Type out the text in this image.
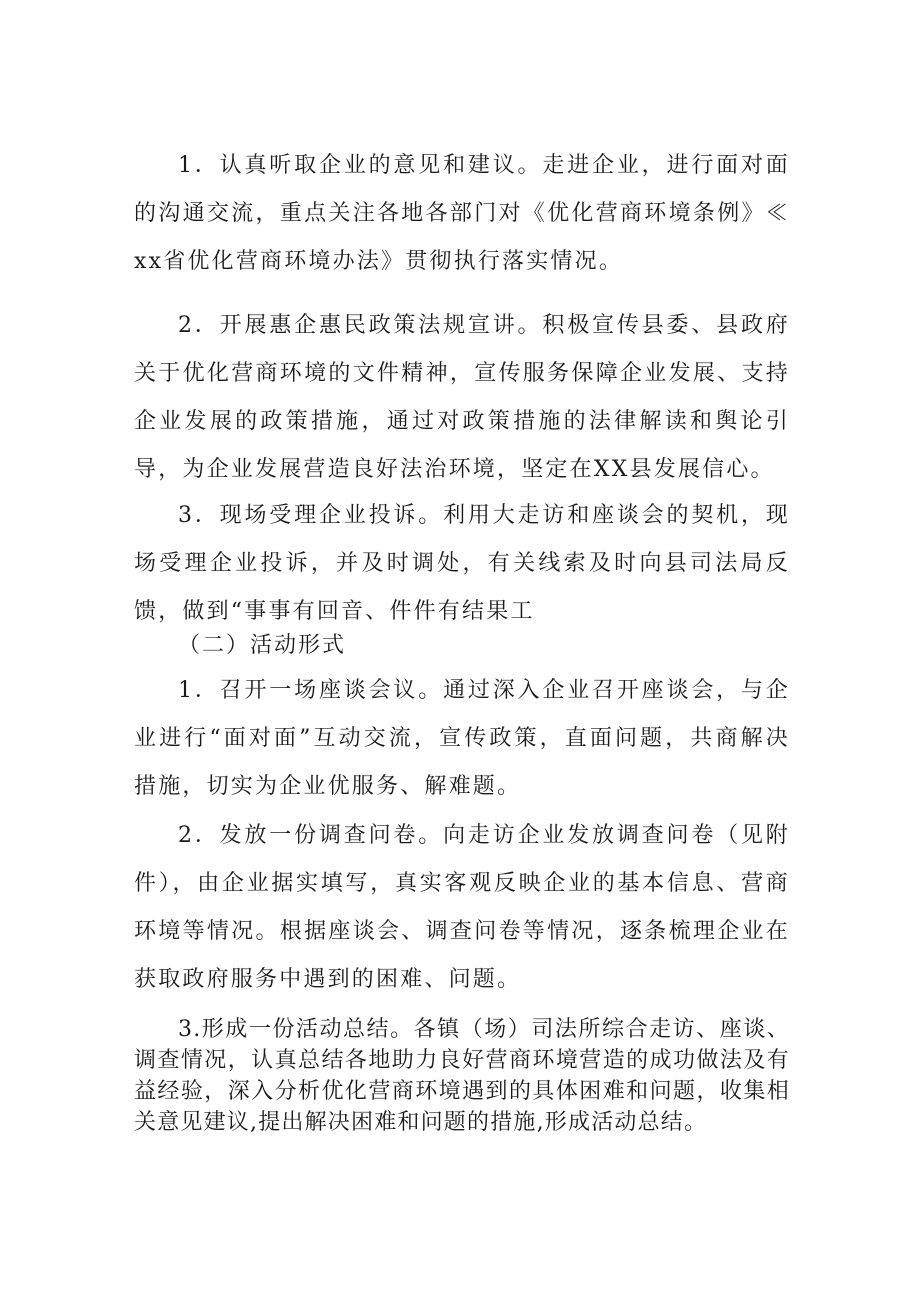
1．认真听取企业的意见和建议。走进企业，进行面对面的沟通交流，重点关注各地各部门对《优化营商环境条例》≪xx省优化营商环境办法》贯彻执行落实情况。

2．开展惠企惠民政策法规宣讲。积极宣传县委、县政府关于优化营商环境的文件精神，宣传服务保障企业发展、支持企业发展的政策措施，通过对政策措施的法律解读和舆论引导，为企业发展营造良好法治环境，坚定在XX县发展信心。

3．现场受理企业投诉。利用大走访和座谈会的契机，现场受理企业投诉，并及时调处，有关线索及时向县司法局反馈，做到“事事有回音、件件有结果工

（二）活动形式

1．召开一场座谈会议。通过深入企业召开座谈会，与企业进行“面对面”互动交流，宣传政策，直面问题，共商解决措施，切实为企业优服务、解难题。

2．发放一份调查问卷。向走访企业发放调查问卷（见附件），由企业据实填写，真实客观反映企业的基本信息、营商环境等情况。根据座谈会、调查问卷等情况，逐条梳理企业在获取政府服务中遇到的困难、问题。

3.形成一份活动总结。各镇（场）司法所综合走访、座谈、调查情况，认真总结各地助力良好营商环境营造的成功做法及有益经验，深入分析优化营商环境遇到的具体困难和问题，收集相关意见建议,提出解决困难和问题的措施,形成活动总结。
